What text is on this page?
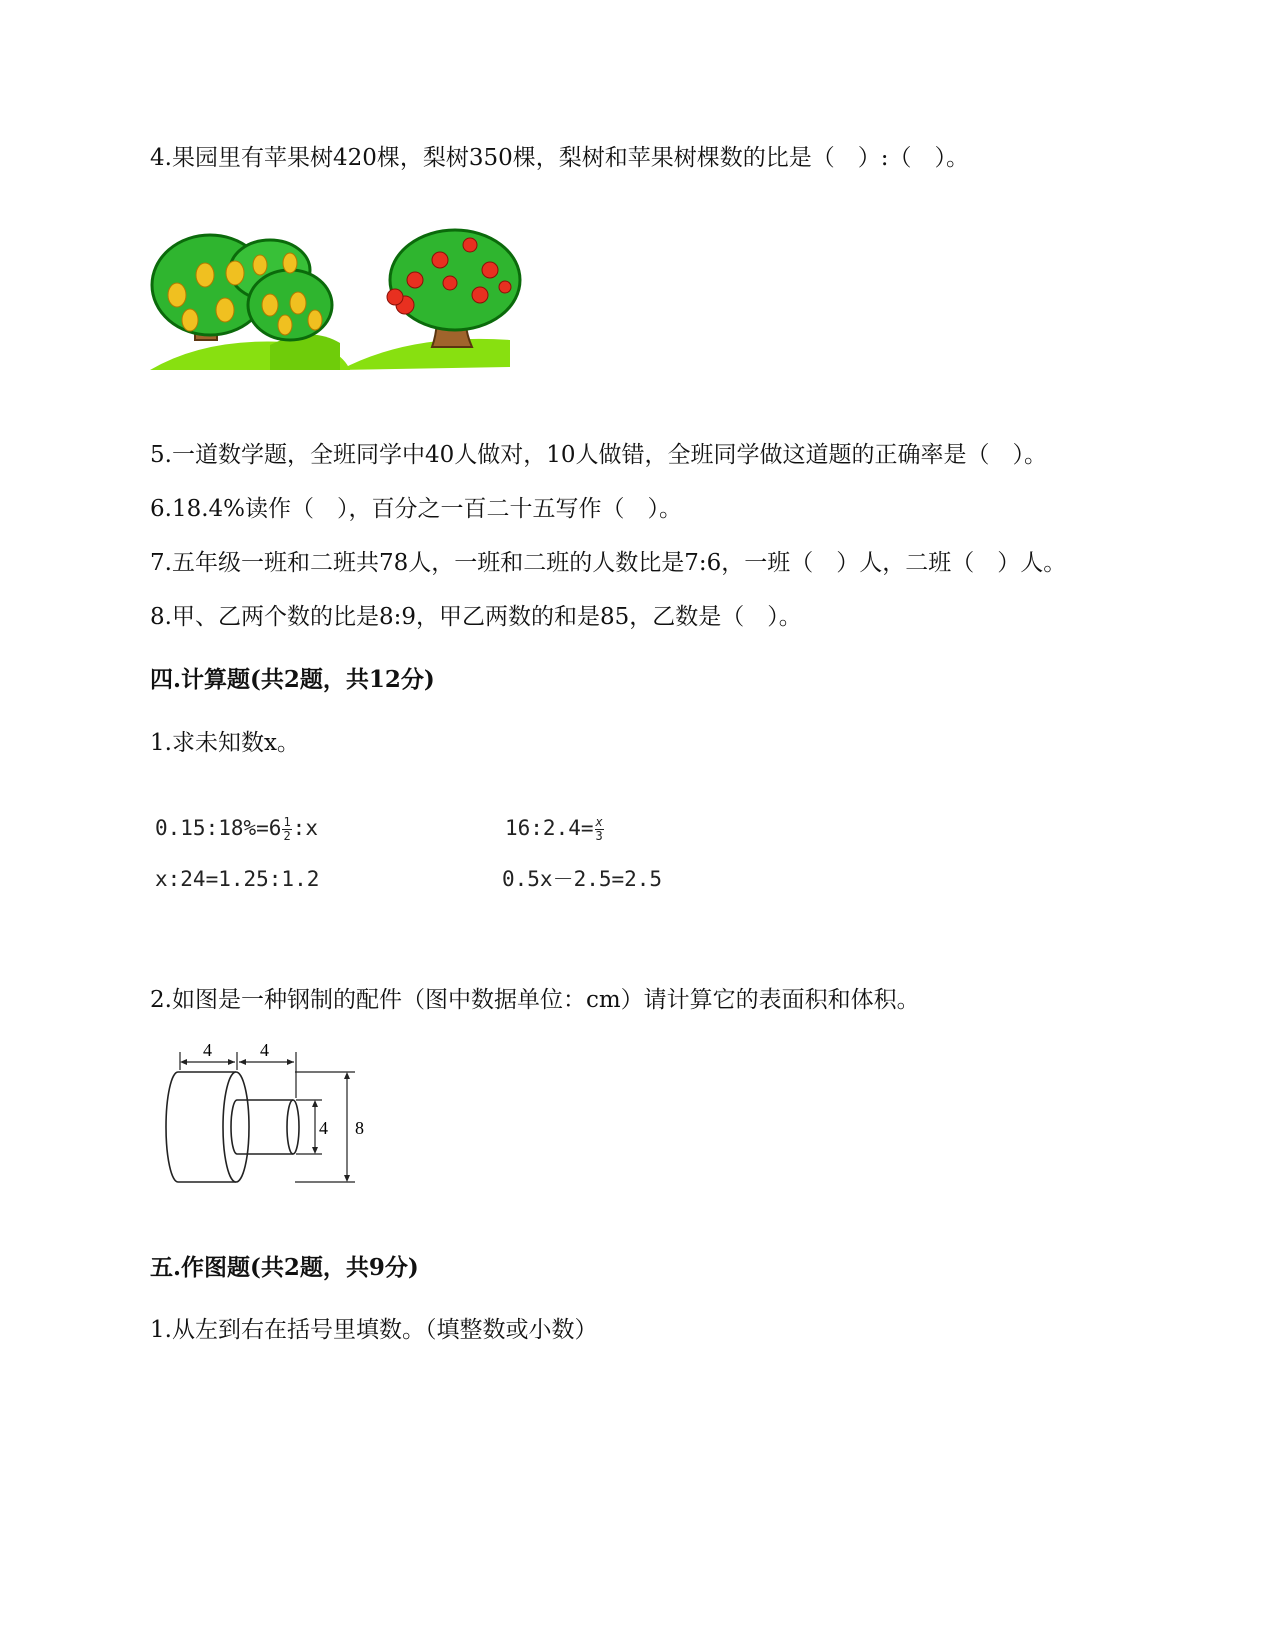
4.果园里有苹果树420棵，梨树350棵，梨树和苹果树棵数的比是（　）:（　）。
5.一道数学题，全班同学中40人做对，10人做错，全班同学做这道题的正确率是（　）。
6.18.4%读作（　），百分之一百二十五写作（　）。
7.五年级一班和二班共78人，一班和二班的人数比是7:6，一班（　）人，二班（　）人。
8.甲、乙两个数的比是8:9，甲乙两数的和是85，乙数是（　）。
四.计算题(共2题，共12分)
1.求未知数x。
0.15:18%=6 $\frac{1}{2}$ :x	16:2.4= $\frac{x}{3}$
x:24=1.25:1.2	0.5x－2.5=2.5
2.如图是一种钢制的配件（图中数据单位：cm）请计算它的表面积和体积。
4	4
4 8
五.作图题(共2题，共9分)
1.从左到右在括号里填数。（填整数或小数）
